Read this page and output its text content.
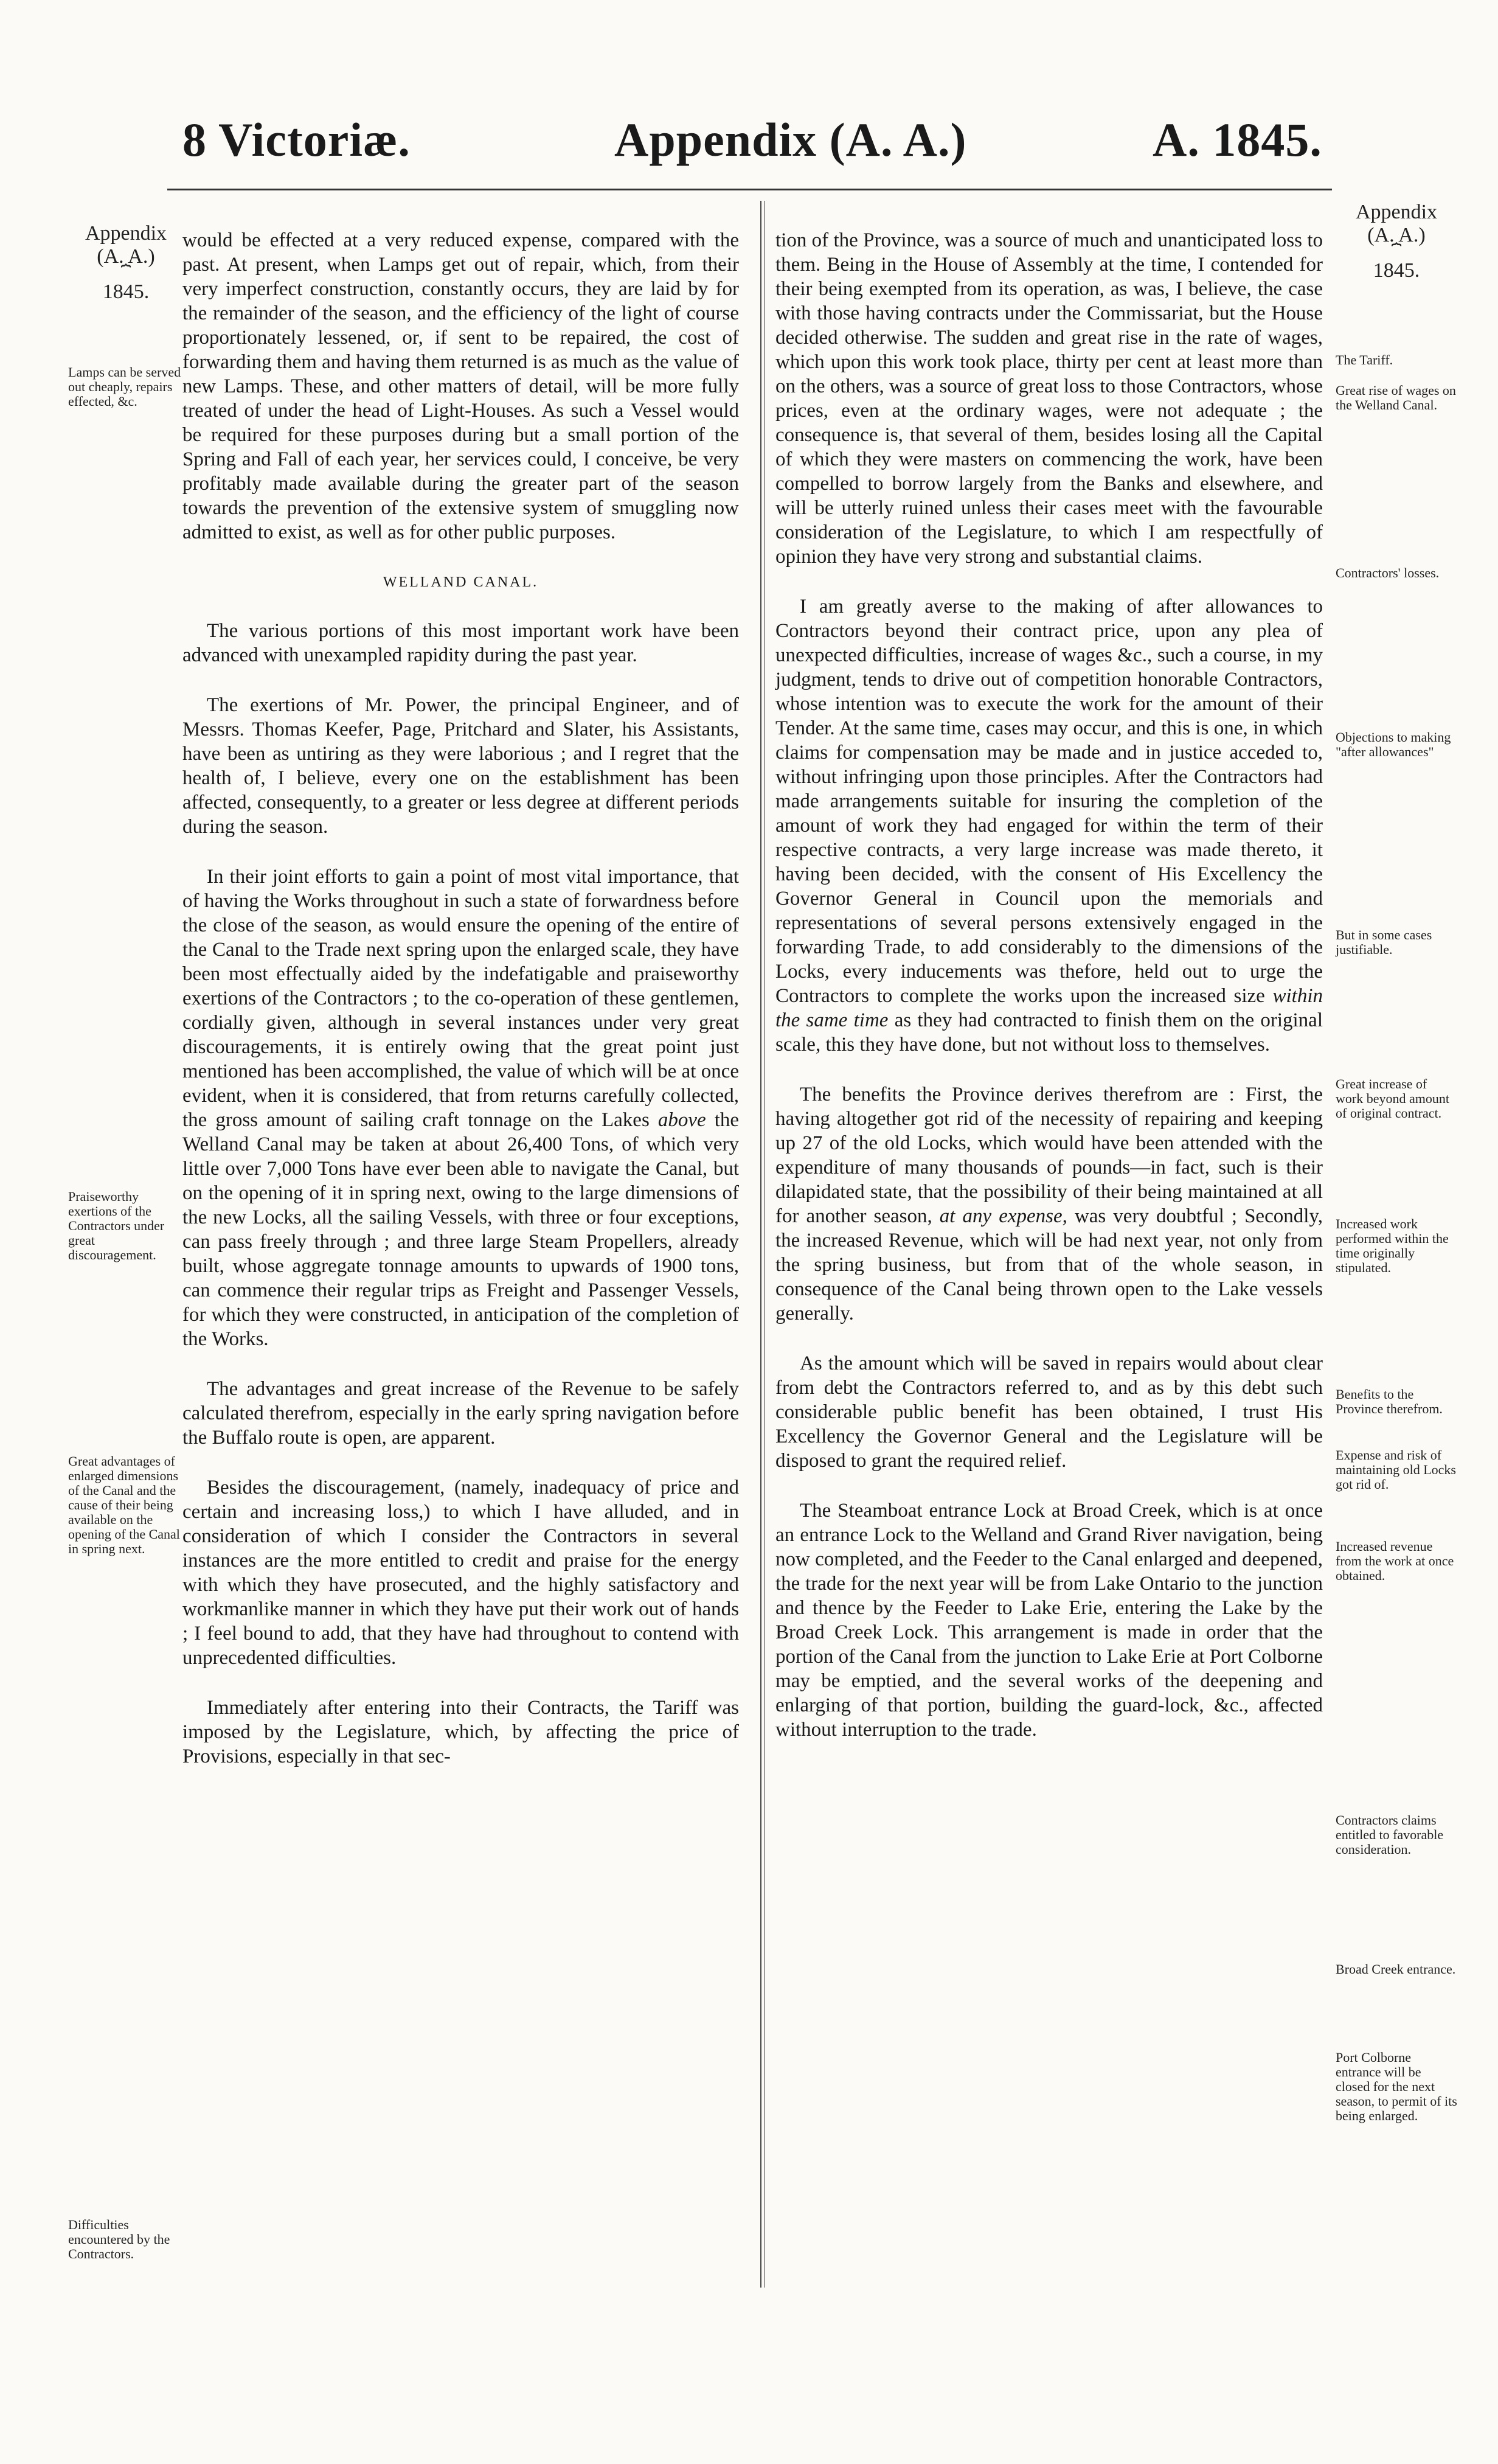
8 Victoriæ.	Appendix (A. A.)	A. 1845.
Appendix
(A. A.)
⏞
1845.
Appendix
(A. A.)
⏞
1845.
Lamps can be served out cheaply, repairs effected, &c.
Praiseworthy exertions of the Contractors under great discouragement.
Great advantages of enlarged dimensions of the Canal and the cause of their being available on the opening of the Canal in spring next.
Difficulties encountered by the Contractors.
The Tariff.
Great rise of wages on the Welland Canal.
Contractors' losses.
Objections to making "after allowances"
But in some cases justifiable.
Great increase of work beyond amount of original contract.
Increased work performed within the time originally stipulated.
Benefits to the Province therefrom.
Expense and risk of maintaining old Locks got rid of.
Increased revenue from the work at once obtained.
Contractors claims entitled to favorable consideration.
Broad Creek entrance.
Port Colborne entrance will be closed for the next season, to permit of its being enlarged.

would be effected at a very reduced expense, compared with the past. At present, when Lamps get out of repair, which, from their very imperfect construction, constantly occurs, they are laid by for the remainder of the season, and the efficiency of the light of course proportionately lessened, or, if sent to be repaired, the cost of forwarding them and having them returned is as much as the value of new Lamps. These, and other matters of detail, will be more fully treated of under the head of Light-Houses. As such a Vessel would be required for these purposes during but a small portion of the Spring and Fall of each year, her services could, I conceive, be very profitably made available during the greater part of the season towards the prevention of the extensive system of smuggling now admitted to exist, as well as for other public purposes.

WELLAND CANAL.

The various portions of this most important work have been advanced with unexampled rapidity during the past year.

The exertions of Mr. Power, the principal Engineer, and of Messrs. Thomas Keefer, Page, Pritchard and Slater, his Assistants, have been as untiring as they were laborious ; and I regret that the health of, I believe, every one on the establishment has been affected, consequently, to a greater or less degree at different periods during the season.

In their joint efforts to gain a point of most vital importance, that of having the Works throughout in such a state of forwardness before the close of the season, as would ensure the opening of the entire of the Canal to the Trade next spring upon the enlarged scale, they have been most effectually aided by the indefatigable and praiseworthy exertions of the Contractors ; to the co-operation of these gentlemen, cordially given, although in several instances under very great discouragements, it is entirely owing that the great point just mentioned has been accomplished, the value of which will be at once evident, when it is considered, that from returns carefully collected, the gross amount of sailing craft tonnage on the Lakes above the Welland Canal may be taken at about 26,400 Tons, of which very little over 7,000 Tons have ever been able to navigate the Canal, but on the opening of it in spring next, owing to the large dimensions of the new Locks, all the sailing Vessels, with three or four exceptions, can pass freely through ; and three large Steam Propellers, already built, whose aggregate tonnage amounts to upwards of 1900 tons, can commence their regular trips as Freight and Passenger Vessels, for which they were constructed, in anticipation of the completion of the Works.

The advantages and great increase of the Revenue to be safely calculated therefrom, especially in the early spring navigation before the Buffalo route is open, are apparent.

Besides the discouragement, (namely, inadequacy of price and certain and increasing loss,) to which I have alluded, and in consideration of which I consider the Contractors in several instances are the more entitled to credit and praise for the energy with which they have prosecuted, and the highly satisfactory and workmanlike manner in which they have put their work out of hands ; I feel bound to add, that they have had throughout to contend with unprecedented difficulties.

Immediately after entering into their Contracts, the Tariff was imposed by the Legislature, which, by affecting the price of Provisions, especially in that sec-

tion of the Province, was a source of much and unanticipated loss to them. Being in the House of Assembly at the time, I contended for their being exempted from its operation, as was, I believe, the case with those having contracts under the Commissariat, but the House decided otherwise. The sudden and great rise in the rate of wages, which upon this work took place, thirty per cent at least more than on the others, was a source of great loss to those Contractors, whose prices, even at the ordinary wages, were not adequate ; the consequence is, that several of them, besides losing all the Capital of which they were masters on commencing the work, have been compelled to borrow largely from the Banks and elsewhere, and will be utterly ruined unless their cases meet with the favourable consideration of the Legislature, to which I am respectfully of opinion they have very strong and substantial claims.

I am greatly averse to the making of after allowances to Contractors beyond their contract price, upon any plea of unexpected difficulties, increase of wages &c., such a course, in my judgment, tends to drive out of competition honorable Contractors, whose intention was to execute the work for the amount of their Tender. At the same time, cases may occur, and this is one, in which claims for compensation may be made and in justice acceded to, without infringing upon those principles. After the Contractors had made arrangements suitable for insuring the completion of the amount of work they had engaged for within the term of their respective contracts, a very large increase was made thereto, it having been decided, with the consent of His Excellency the Governor General in Council upon the memorials and representations of several persons extensively engaged in the forwarding Trade, to add considerably to the dimensions of the Locks, every inducements was thefore, held out to urge the Contractors to complete the works upon the increased size within the same time as they had contracted to finish them on the original scale, this they have done, but not without loss to themselves.

The benefits the Province derives therefrom are : First, the having altogether got rid of the necessity of repairing and keeping up 27 of the old Locks, which would have been attended with the expenditure of many thousands of pounds—in fact, such is their dilapidated state, that the possibility of their being maintained at all for another season, at any expense, was very doubtful ; Secondly, the increased Revenue, which will be had next year, not only from the spring business, but from that of the whole season, in consequence of the Canal being thrown open to the Lake vessels generally.

As the amount which will be saved in repairs would about clear from debt the Contractors referred to, and as by this debt such considerable public benefit has been obtained, I trust His Excellency the Governor General and the Legislature will be disposed to grant the required relief.

The Steamboat entrance Lock at Broad Creek, which is at once an entrance Lock to the Welland and Grand River navigation, being now completed, and the Feeder to the Canal enlarged and deepened, the trade for the next year will be from Lake Ontario to the junction and thence by the Feeder to Lake Erie, entering the Lake by the Broad Creek Lock. This arrangement is made in order that the portion of the Canal from the junction to Lake Erie at Port Colborne may be emptied, and the several works of the deepening and enlarging of that portion, building the guard-lock, &c., affected without interruption to the trade.
